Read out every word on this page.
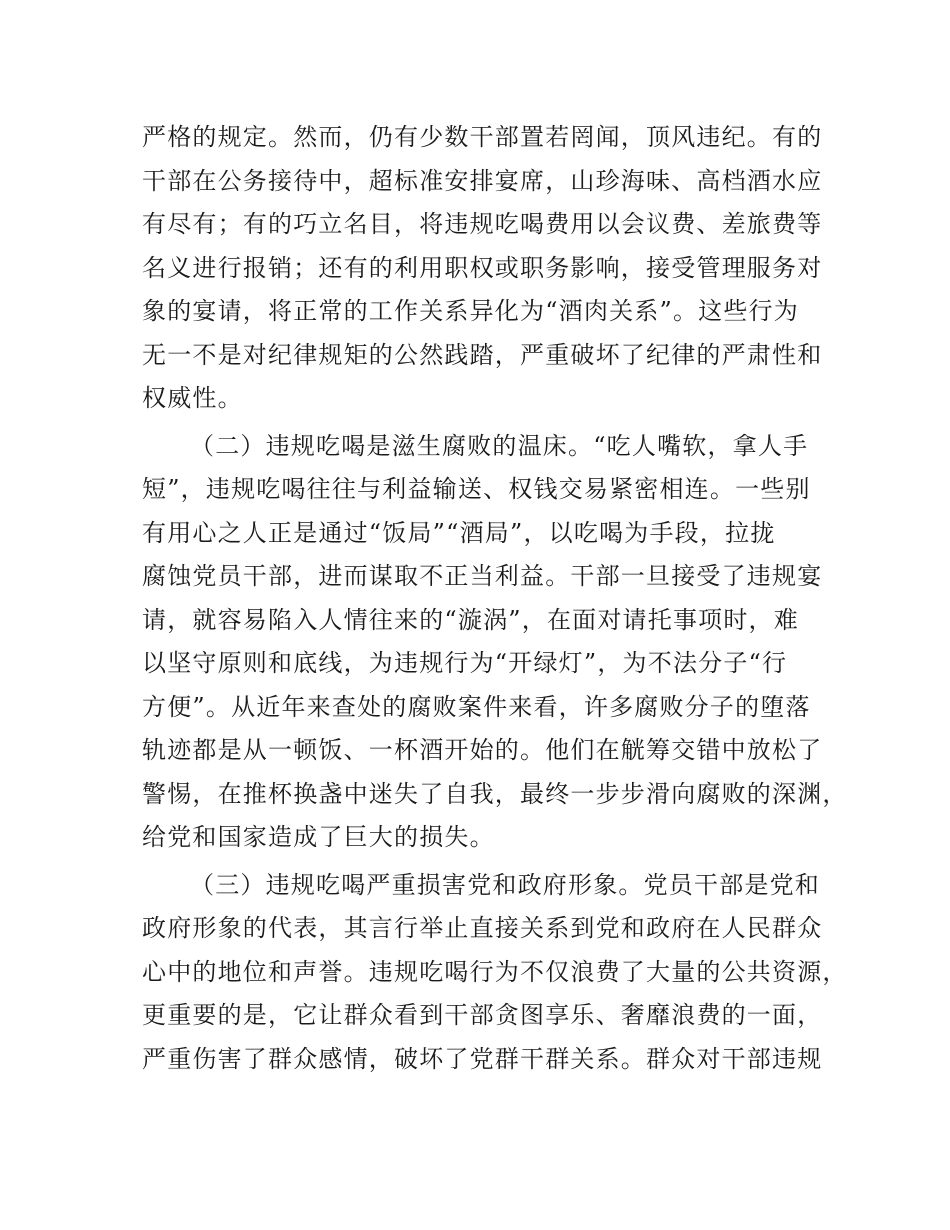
严格的规定。然而，仍有少数干部置若罔闻，顶风违纪。有的
干部在公务接待中，超标准安排宴席，山珍海味、高档酒水应
有尽有；有的巧立名目，将违规吃喝费用以会议费、差旅费等
名义进行报销；还有的利用职权或职务影响，接受管理服务对
象的宴请，将正常的工作关系异化为“酒肉关系”。这些行为
无一不是对纪律规矩的公然践踏，严重破坏了纪律的严肃性和
权威性。
（二）违规吃喝是滋生腐败的温床。“吃人嘴软，拿人手
短”，违规吃喝往往与利益输送、权钱交易紧密相连。一些别
有用心之人正是通过“饭局”“酒局”，以吃喝为手段，拉拢
腐蚀党员干部，进而谋取不正当利益。干部一旦接受了违规宴
请，就容易陷入人情往来的“漩涡”，在面对请托事项时，难
以坚守原则和底线，为违规行为“开绿灯”，为不法分子“行
方便”。从近年来查处的腐败案件来看，许多腐败分子的堕落
轨迹都是从一顿饭、一杯酒开始的。他们在觥筹交错中放松了
警惕，在推杯换盏中迷失了自我，最终一步步滑向腐败的深渊，
给党和国家造成了巨大的损失。
（三）违规吃喝严重损害党和政府形象。党员干部是党和
政府形象的代表，其言行举止直接关系到党和政府在人民群众
心中的地位和声誉。违规吃喝行为不仅浪费了大量的公共资源，
更重要的是，它让群众看到干部贪图享乐、奢靡浪费的一面，
严重伤害了群众感情，破坏了党群干群关系。群众对干部违规
